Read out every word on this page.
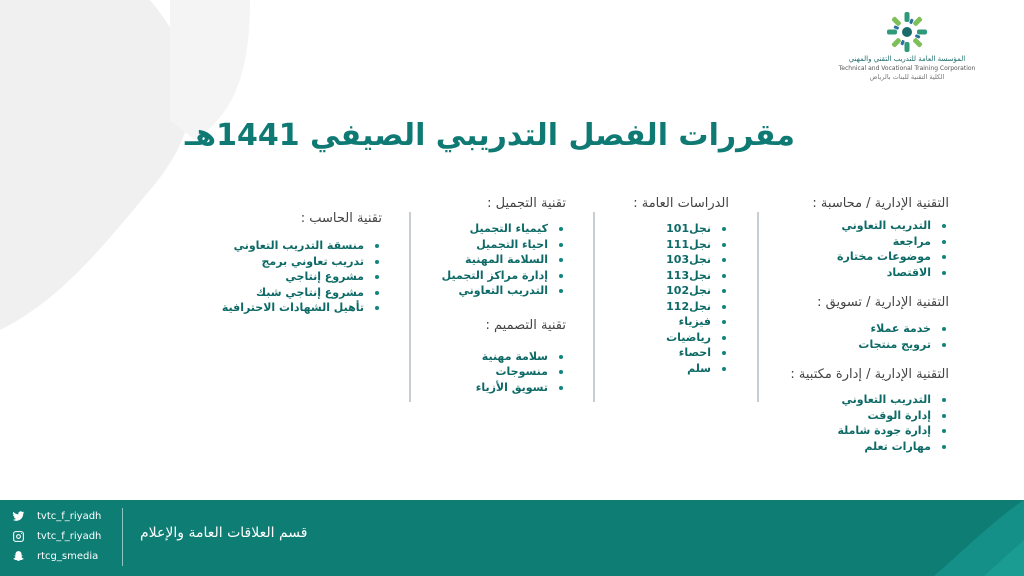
المؤسسة العامة للتدريب التقني والمهني
Technical and Vocational Training Corporation
الكلية التقنية للبنات بالرياض
مقررات الفصل التدريبي الصيفي 1441هـ
التقنية الإدارية / محاسبة :
التدريب التعاوني
مراجعة
موضوعات مختارة
الاقتصاد
التقنية الإدارية / تسويق :
خدمة عملاء
ترويج منتجات
التقنية الإدارية / إدارة مكتبية :
التدريب التعاوني
إدارة الوقت
إدارة جودة شاملة
مهارات تعلم
الدراسات العامة :
نجل101
نجل111
نجل103
نجل113
نجل102
نجل112
فيزياء
رياضيات
احصاء
سلم
تقنية التجميل :
كيمياء التجميل
احياء التجميل
السلامة المهنية
إدارة مراكز التجميل
التدريب التعاوني
تقنية التصميم :
سلامة مهنية
منسوجات
تسويق الأزياء
تقنية الحاسب :
منسقة التدريب التعاوني
تدريب تعاوني برمج
مشروع إنتاجي
مشروع إنتاجي شبك
تأهيل الشهادات الاحترافية
tvtc_f_riyadh
tvtc_f_riyadh
rtcg_smedia
قسم العلاقات العامة والإعلام
